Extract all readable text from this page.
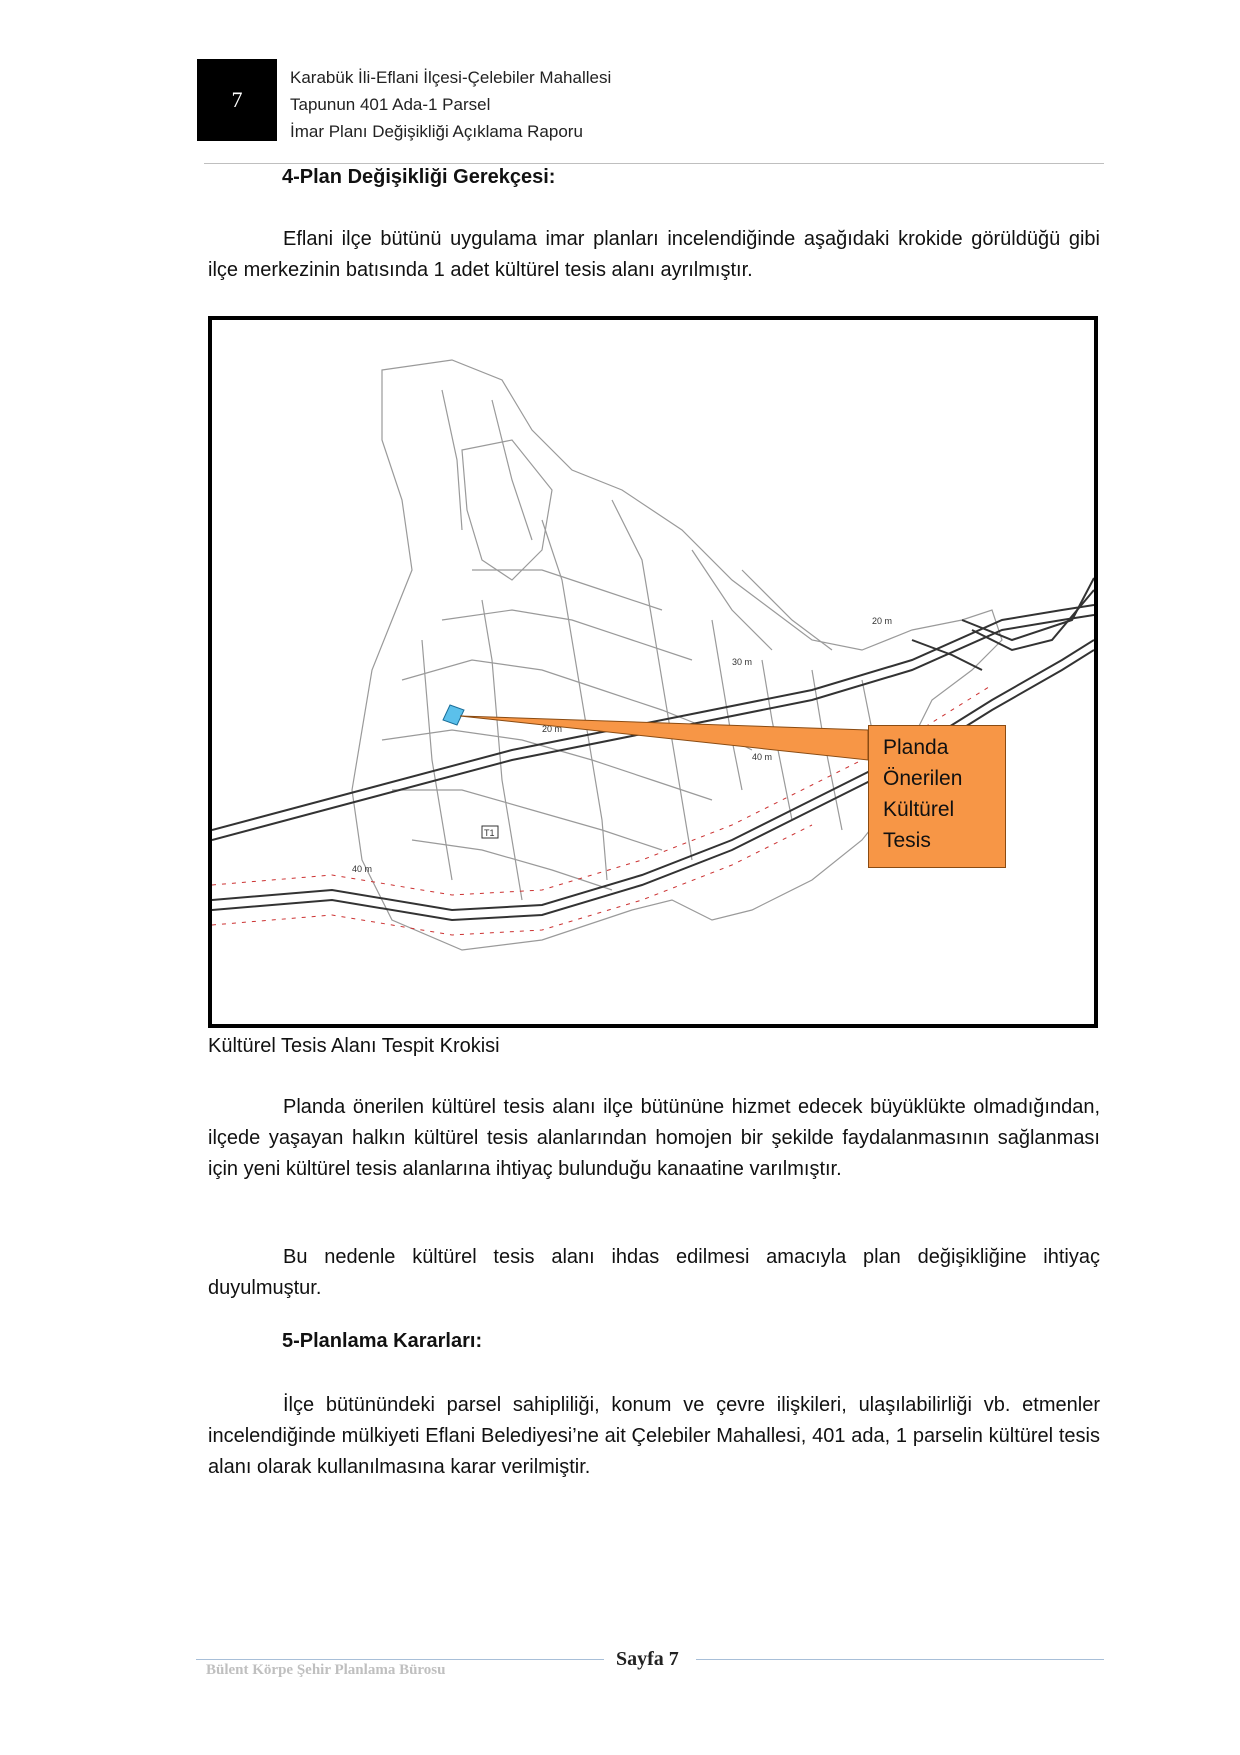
7
Karabük İli-Eflani İlçesi-Çelebiler Mahallesi
Tapunun 401 Ada-1 Parsel
İmar Planı Değişikliği Açıklama Raporu
4-Plan Değişikliği Gerekçesi:

Eflani ilçe bütünü uygulama imar planları incelendiğinde aşağıdaki krokide görüldüğü gibi ilçe merkezinin batısında 1 adet kültürel tesis alanı ayrılmıştır.

20 m
30 m
20 m
40 m
40 m
T1
Planda
Önerilen
Kültürel
Tesis
Kültürel Tesis Alanı Tespit Krokisi

Planda önerilen kültürel tesis alanı ilçe bütününe hizmet edecek büyüklükte olmadığından, ilçede yaşayan halkın kültürel tesis alanlarından homojen bir şekilde faydalanmasının sağlanması için yeni kültürel tesis alanlarına ihtiyaç bulunduğu kanaatine varılmıştır.

Bu nedenle kültürel tesis alanı ihdas edilmesi amacıyla plan değişikliğine ihtiyaç duyulmuştur.

5-Planlama Kararları:

İlçe bütünündeki parsel sahipliliği, konum ve çevre ilişkileri, ulaşılabilirliği vb. etmenler incelendiğinde mülkiyeti Eflani Belediyesi’ne ait Çelebiler Mahallesi, 401 ada, 1 parselin kültürel tesis alanı olarak kullanılmasına karar verilmiştir.

Bülent Körpe Şehir Planlama Bürosu	Sayfa 7
